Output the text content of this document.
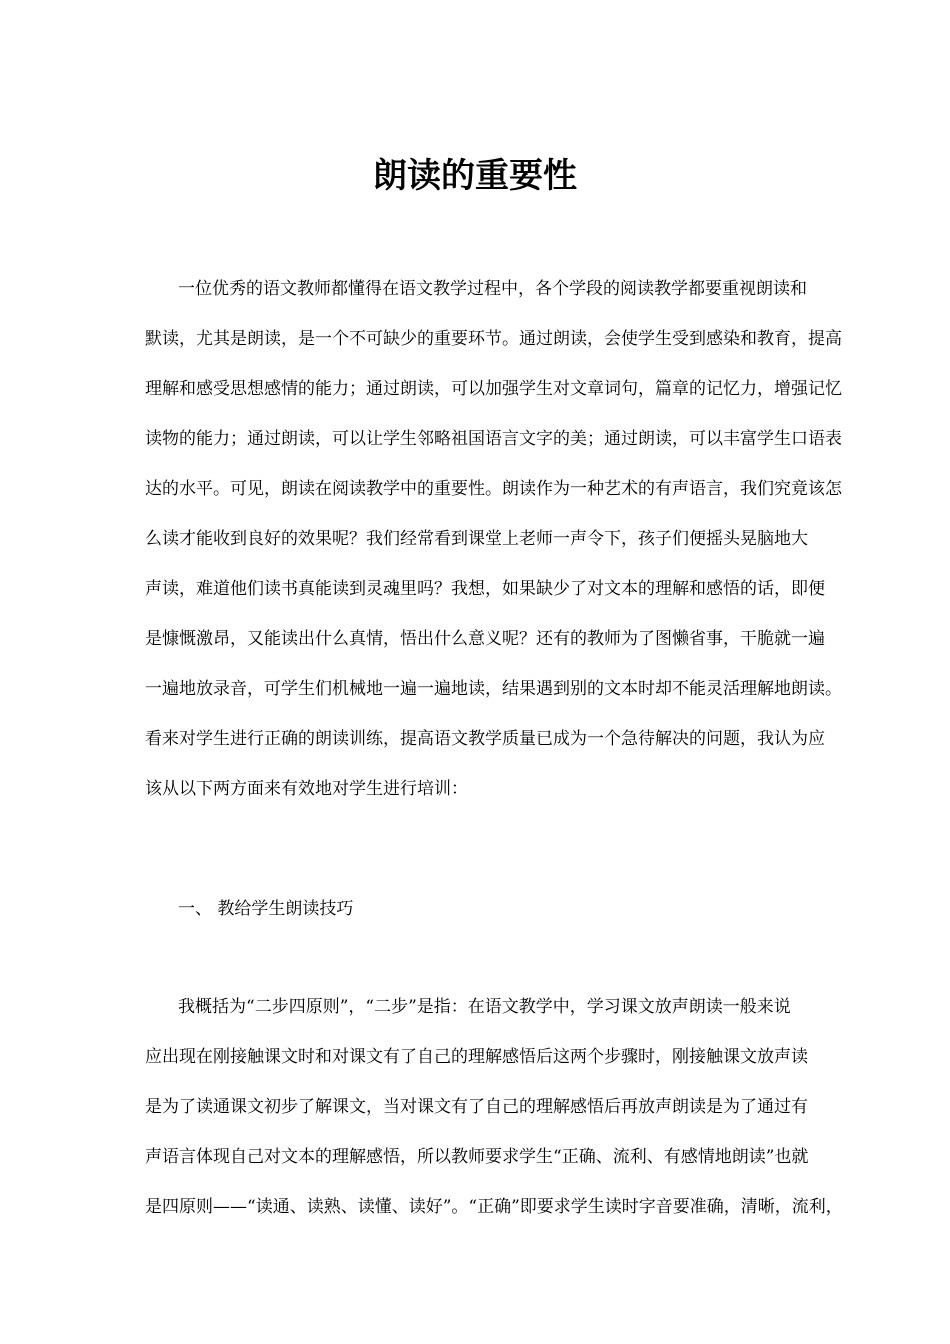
朗读的重要性

一位优秀的语文教师都懂得在语文教学过程中，各个学段的阅读教学都要重视朗读和

默读，尤其是朗读，是一个不可缺少的重要环节。通过朗读，会使学生受到感染和教育，提高

理解和感受思想感情的能力；通过朗读，可以加强学生对文章词句，篇章的记忆力，增强记忆

读物的能力；通过朗读，可以让学生邻略祖国语言文字的美；通过朗读，可以丰富学生口语表

达的水平。可见，朗读在阅读教学中的重要性。朗读作为一种艺术的有声语言，我们究竟该怎

么读才能收到良好的效果呢？我们经常看到课堂上老师一声令下，孩子们便摇头晃脑地大

声读，难道他们读书真能读到灵魂里吗？我想，如果缺少了对文本的理解和感悟的话，即便

是慷慨激昂，又能读出什么真情，悟出什么意义呢？还有的教师为了图懒省事，干脆就一遍

一遍地放录音，可学生们机械地一遍一遍地读，结果遇到别的文本时却不能灵活理解地朗读。

看来对学生进行正确的朗读训练，提高语文教学质量已成为一个急待解决的问题，我认为应

该从以下两方面来有效地对学生进行培训：

一、 教给学生朗读技巧

我概括为“二步四原则”，“二步”是指：在语文教学中，学习课文放声朗读一般来说

应出现在刚接触课文时和对课文有了自己的理解感悟后这两个步骤时，刚接触课文放声读

是为了读通课文初步了解课文，当对课文有了自己的理解感悟后再放声朗读是为了通过有

声语言体现自己对文本的理解感悟，所以教师要求学生“正确、流利、有感情地朗读”也就

是四原则——“读通、读熟、读懂、读好”。“正确”即要求学生读时字音要准确，清晰，流利，
